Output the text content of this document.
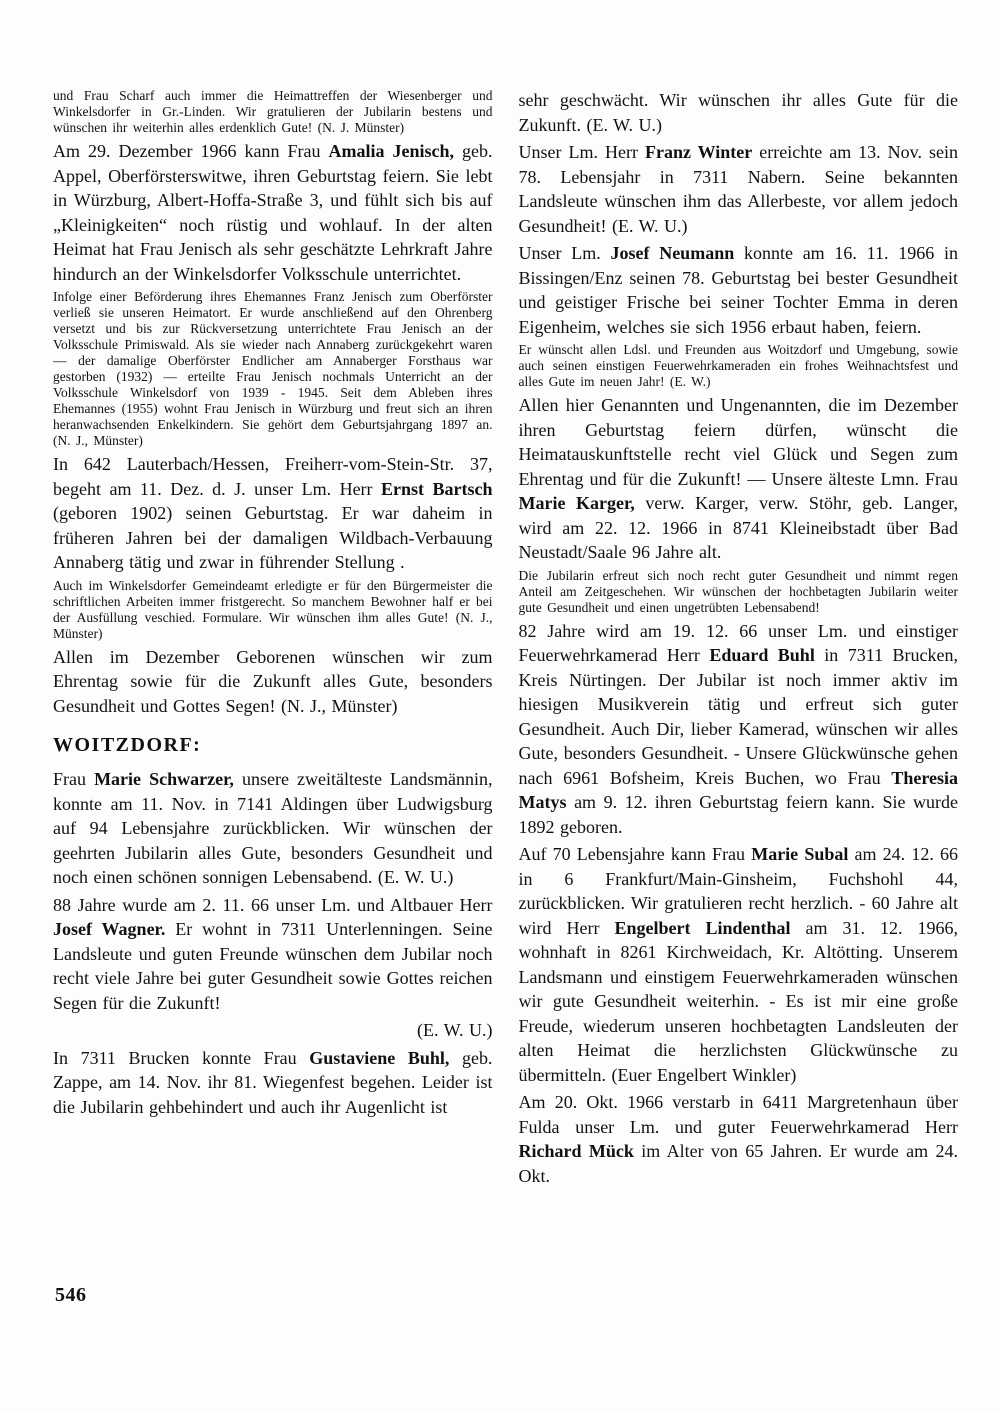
und Frau Scharf auch immer die Heimattreffen der Wiesenberger und Winkelsdorfer in Gr.-Linden. Wir gratulieren der Jubilarin bestens und wünschen ihr weiterhin alles erdenklich Gute! (N. J. Münster)

Am 29. Dezember 1966 kann Frau Amalia Jenisch, geb. Appel, Oberförsterswitwe, ihren Geburtstag feiern. Sie lebt in Würzburg, Albert-Hoffa-Straße 3, und fühlt sich bis auf „Kleinigkeiten“ noch rüstig und wohlauf. In der alten Heimat hat Frau Jenisch als sehr geschätzte Lehrkraft Jahre hindurch an der Winkelsdorfer Volksschule unterrichtet.

Infolge einer Beförderung ihres Ehemannes Franz Jenisch zum Oberförster verließ sie unseren Heimatort. Er wurde anschließend auf den Ohrenberg versetzt und bis zur Rückversetzung unterrichtete Frau Jenisch an der Volksschule Primiswald. Als sie wieder nach Annaberg zurückgekehrt waren — der damalige Oberförster Endlicher am Annaberger Forsthaus war gestorben (1932) — erteilte Frau Jenisch nochmals Unterricht an der Volksschule Winkelsdorf von 1939 - 1945. Seit dem Ableben ihres Ehemannes (1955) wohnt Frau Jenisch in Würzburg und freut sich an ihren heranwachsenden Enkelkindern. Sie gehört dem Geburtsjahrgang 1897 an. (N. J., Münster)

In 642 Lauterbach/Hessen, Freiherr-vom-Stein-Str. 37, begeht am 11. Dez. d. J. unser Lm. Herr Ernst Bartsch (geboren 1902) seinen Geburtstag. Er war daheim in früheren Jahren bei der damaligen Wildbach-Verbauung Annaberg tätig und zwar in führender Stellung .

Auch im Winkelsdorfer Gemeindeamt erledigte er für den Bürgermeister die schriftlichen Arbeiten immer fristgerecht. So manchem Bewohner half er bei der Ausfüllung veschied. Formulare. Wir wünschen ihm alles Gute! (N. J., Münster)

Allen im Dezember Geborenen wünschen wir zum Ehrentag sowie für die Zukunft alles Gute, besonders Gesundheit und Gottes Segen! (N. J., Münster)

WOITZDORF:

Frau Marie Schwarzer, unsere zweitälteste Landsmännin, konnte am 11. Nov. in 7141 Aldingen über Ludwigsburg auf 94 Lebensjahre zurückblicken. Wir wünschen der geehrten Jubilarin alles Gute, besonders Gesundheit und noch einen schönen sonnigen Lebensabend. (E. W. U.)

88 Jahre wurde am 2. 11. 66 unser Lm. und Altbauer Herr Josef Wagner. Er wohnt in 7311 Unterlenningen. Seine Landsleute und guten Freunde wünschen dem Jubilar noch recht viele Jahre bei guter Gesundheit sowie Gottes reichen Segen für die Zukunft!

(E. W. U.)

In 7311 Brucken konnte Frau Gustaviene Buhl, geb. Zappe, am 14. Nov. ihr 81. Wiegenfest begehen. Leider ist die Jubilarin gehbehindert und auch ihr Augenlicht ist

sehr geschwächt. Wir wünschen ihr alles Gute für die Zukunft. (E. W. U.)

Unser Lm. Herr Franz Winter erreichte am 13. Nov. sein 78. Lebensjahr in 7311 Nabern. Seine bekannten Landsleute wünschen ihm das Allerbeste, vor allem jedoch Gesundheit! (E. W. U.)

Unser Lm. Josef Neumann konnte am 16. 11. 1966 in Bissingen/Enz seinen 78. Geburtstag bei bester Gesundheit und geistiger Frische bei seiner Tochter Emma in deren Eigenheim, welches sie sich 1956 erbaut haben, feiern.

Er wünscht allen Ldsl. und Freunden aus Woitzdorf und Umgebung, sowie auch seinen einstigen Feuerwehrkameraden ein frohes Weihnachtsfest und alles Gute im neuen Jahr! (E. W.)

Allen hier Genannten und Ungenannten, die im Dezember ihren Geburtstag feiern dürfen, wünscht die Heimatauskunftstelle recht viel Glück und Segen zum Ehrentag und für die Zukunft! — Unsere älteste Lmn. Frau Marie Karger, verw. Karger, verw. Stöhr, geb. Langer, wird am 22. 12. 1966 in 8741 Kleineibstadt über Bad Neustadt/Saale 96 Jahre alt.

Die Jubilarin erfreut sich noch recht guter Gesundheit und nimmt regen Anteil am Zeitgeschehen. Wir wünschen der hochbetagten Jubilarin weiter gute Gesundheit und einen ungetrübten Lebensabend!

82 Jahre wird am 19. 12. 66 unser Lm. und einstiger Feuerwehrkamerad Herr Eduard Buhl in 7311 Brucken, Kreis Nürtingen. Der Jubilar ist noch immer aktiv im hiesigen Musikverein tätig und erfreut sich guter Gesundheit. Auch Dir, lieber Kamerad, wünschen wir alles Gute, besonders Gesundheit. - Unsere Glückwünsche gehen nach 6961 Bofsheim, Kreis Buchen, wo Frau Theresia Matys am 9. 12. ihren Geburtstag feiern kann. Sie wurde 1892 geboren.

Auf 70 Lebensjahre kann Frau Marie Subal am 24. 12. 66 in 6 Frankfurt/Main-Ginsheim, Fuchshohl 44, zurückblicken. Wir gratulieren recht herzlich. - 60 Jahre alt wird Herr Engelbert Lindenthal am 31. 12. 1966, wohnhaft in 8261 Kirchweidach, Kr. Altötting. Unserem Landsmann und einstigem Feuerwehrkameraden wünschen wir gute Gesundheit weiterhin. - Es ist mir eine große Freude, wiederum unseren hochbetagten Landsleuten der alten Heimat die herzlichsten Glückwünsche zu übermitteln. (Euer Engelbert Winkler)

Am 20. Okt. 1966 verstarb in 6411 Margretenhaun über Fulda unser Lm. und guter Feuerwehrkamerad Herr Richard Mück im Alter von 65 Jahren. Er wurde am 24. Okt.

546
